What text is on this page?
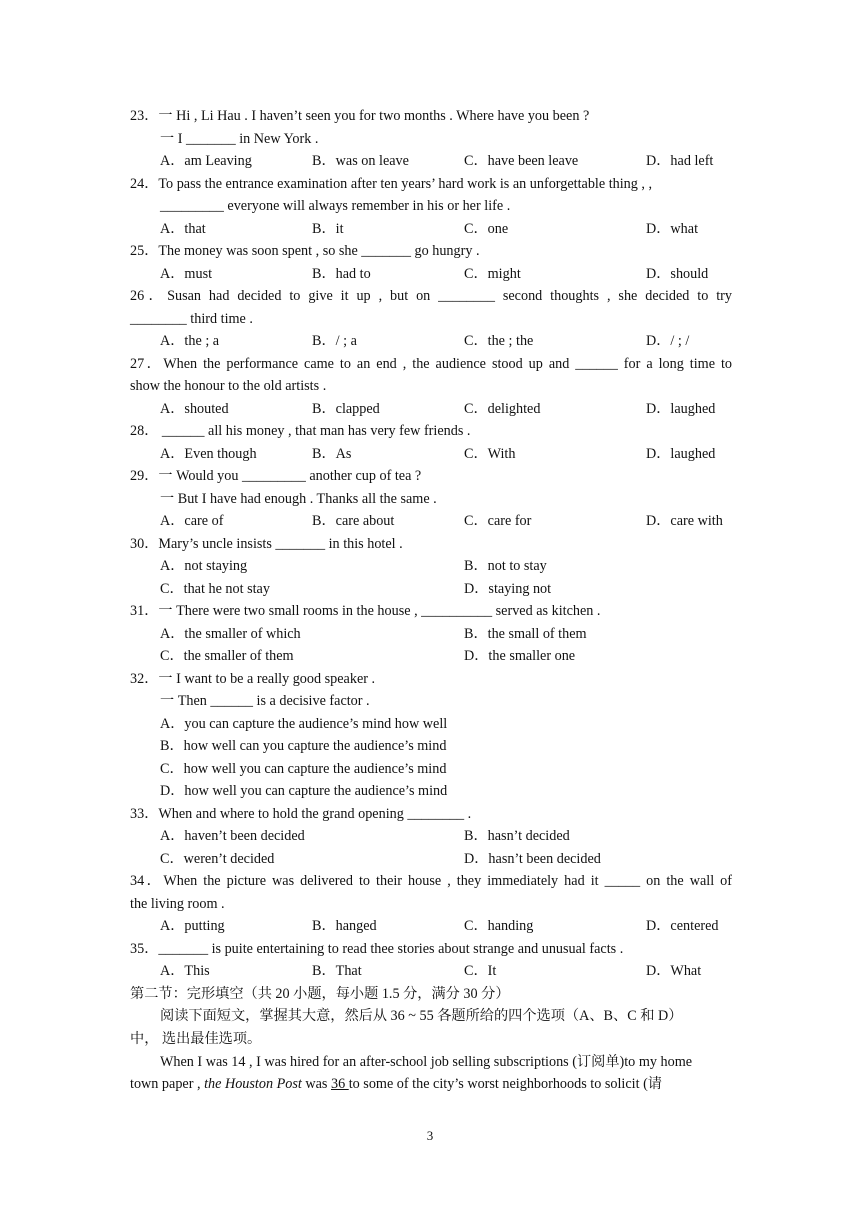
23．一 Hi , Li Hau . I haven’t seen you for two months . Where have you been ?
一 I _______ in New York .
A．am Leaving	B．was on leave	C．have been leave	D．had left
24．To pass the entrance examination after ten years’ hard work is an unforgettable thing , ,
_________ everyone will always remember in his or her life .
A．that	B．it	C．one	D．what
25．The money was soon spent , so she _______ go hungry .
A．must	B．had to	C．might	D．should
26．Susan had decided to give it up , but on ________ second thoughts , she decided to try
________ third time .
A．the ; a	B．/ ; a	C．the ; the	D．/ ; /
27．When the performance came to an end , the audience stood up and ______ for a long time to
show the honour to the old artists .
A．shouted	B．clapped	C．delighted	D．laughed
28． ______ all his money , that man has very few friends .
A．Even though	B．As	C．With	D．laughed
29．一 Would you _________ another cup of tea ?
一 But I have had enough . Thanks all the same .
A．care of	B．care about	C．care for	D．care with
30．Mary’s uncle insists _______ in this hotel .
A．not staying	B．not to stay
C．that he not stay	D．staying not
31．一 There were two small rooms in the house , __________ served as kitchen .
A．the smaller of which	B．the small of them
C．the smaller of them	D．the smaller one
32．一 I want to be a really good speaker .
一 Then ______ is a decisive factor .
A．you can capture the audience’s mind how well
B．how well can you capture the audience’s mind
C．how well you can capture the audience’s mind
D．how well you can capture the audience’s mind
33．When and where to hold the grand opening ________ .
A．haven’t been decided	B．hasn’t decided
C．weren’t decided	D．hasn’t been decided
34．When the picture was delivered to their house , they immediately had it _____ on the wall of
the living room .
A．putting	B．hanged	C．handing	D．centered
35．_______ is puite entertaining to read thee stories about strange and unusual facts .
A．This	B．That	C．It	D．What
第二节：完形填空（共 20 小题，每小题 1.5 分，满分 30 分）
阅读下面短文，掌握其大意，然后从 36 ~ 55 各题所给的四个选项（A、B、C 和 D）
中， 选出最佳选项。
When I was 14 , I was hired for an after-school job selling subscriptions (订阅单)to my home
town paper , the Houston Post was 36 to some of the city’s worst neighborhoods to solicit (请
3
